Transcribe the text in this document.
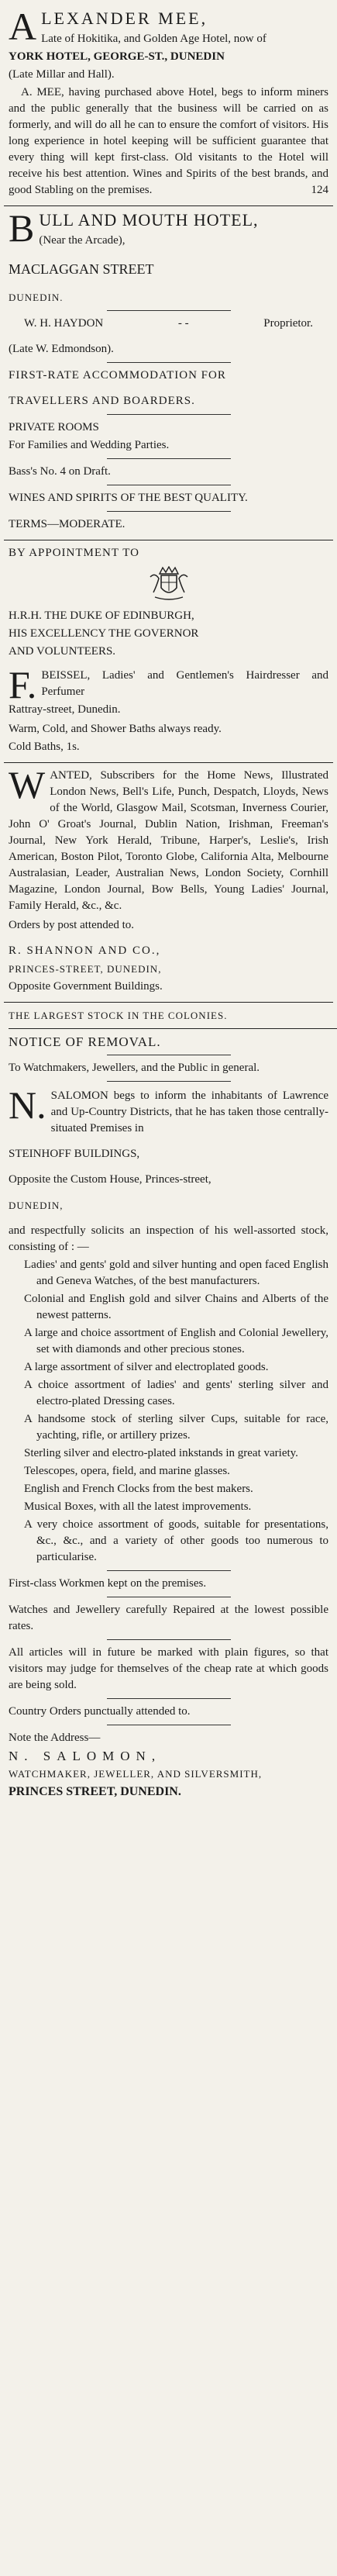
A LEXANDER MEE,
Late of Hokitika, and Golden Age Hotel, now of
YORK HOTEL, GEORGE-ST., DUNEDIN
(Late Millar and Hall).
A. MEE, having purchased above Hotel, begs to inform miners and the public generally that the business will be carried on as formerly, and will do all he can to ensure the comfort of visitors. His long experience in hotel keeping will be sufficient guarantee that every thing will kept first-class. Old visitants to the Hotel will receive his best attention. Wines and Spirits of the best brands, and good Stabling on the premises.	124
B ULL AND MOUTH HOTEL,
(Near the Arcade),
MACLAGGAN STREET
DUNEDIN.
W. H. HAYDON	- -	Proprietor.
(Late W. Edmondson).
FIRST-RATE ACCOMMODATION FOR
TRAVELLERS AND BOARDERS.
PRIVATE ROOMS
For Families and Wedding Parties.
Bass's No. 4 on Draft.
WINES AND SPIRITS OF THE BEST QUALITY.
TERMS—MODERATE.
BY APPOINTMENT TO
H.R.H. THE DUKE OF EDINBURGH,
HIS EXCELLENCY THE GOVERNOR
AND VOLUNTEERS.
F. BEISSEL, Ladies' and Gentlemen's Hairdresser and Perfumer
Rattray-street, Dunedin.
Warm, Cold, and Shower Baths always ready.
Cold Baths, 1s.
W ANTED, Subscribers for the Home News, Illustrated London News, Bell's Life, Punch, Despatch, Lloyds, News of the World, Glasgow Mail, Scotsman, Inverness Courier, John O' Groat's Journal, Dublin Nation, Irishman, Freeman's Journal, New York Herald, Tribune, Harper's, Leslie's, Irish American, Boston Pilot, Toronto Globe, California Alta, Melbourne Australasian, Leader, Australian News, London Society, Cornhill Magazine, London Journal, Bow Bells, Young Ladies' Journal, Family Herald, &c., &c.
Orders by post attended to.
R. SHANNON AND CO.,
PRINCES-STREET, DUNEDIN,
Opposite Government Buildings.
THE LARGEST STOCK IN THE COLONIES.
NOTICE OF REMOVAL.
To Watchmakers, Jewellers, and the Public in general.
N. SALOMON begs to inform the inhabitants of Lawrence and Up-Country Districts, that he has taken those centrally-situated Premises in
STEINHOFF BUILDINGS,
Opposite the Custom House, Princes-street,
DUNEDIN,
and respectfully solicits an inspection of his well-assorted stock, consisting of : —
Ladies' and gents' gold and silver hunting and open faced English and Geneva Watches, of the best manufacturers.
Colonial and English gold and silver Chains and Alberts of the newest patterns.
A large and choice assortment of English and Colonial Jewellery, set with diamonds and other precious stones.
A large assortment of silver and electroplated goods.
A choice assortment of ladies' and gents' sterling silver and electro-plated Dressing cases.
A handsome stock of sterling silver Cups, suitable for race, yachting, rifle, or artillery prizes.
Sterling silver and electro-plated inkstands in great variety.
Telescopes, opera, field, and marine glasses.
English and French Clocks from the best makers.
Musical Boxes, with all the latest improvements.
A very choice assortment of goods, suitable for presentations, &c., &c., and a variety of other goods too numerous to particularise.
First-class Workmen kept on the premises.
Watches and Jewellery carefully Repaired at the lowest possible rates.
All articles will in future be marked with plain figures, so that visitors may judge for themselves of the cheap rate at which goods are being sold.
Country Orders punctually attended to.
Note the Address—
N. SALOMON,
WATCHMAKER, JEWELLER, AND SILVERSMITH,
PRINCES STREET, DUNEDIN.
